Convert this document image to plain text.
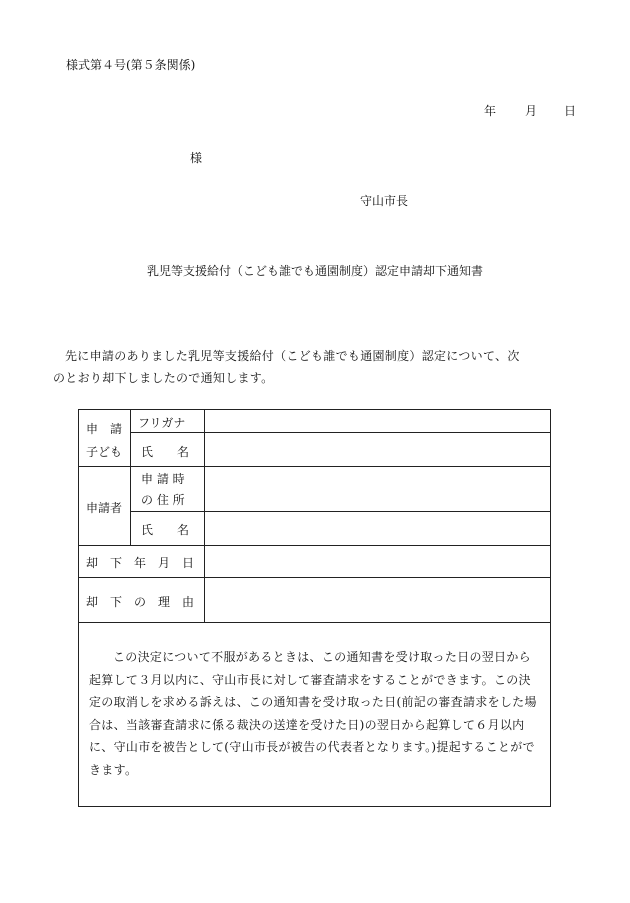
様式第４号(第５条関係)
年 月 日
様
守山市長
乳児等支援給付（こども誰でも通園制度）認定申請却下通知書
先に申請のありました乳児等支援給付（こども誰でも通園制度）認定について、次
のとおり却下しましたので通知します。
申　請
子ども
フリガナ
氏　　名
申請者
申 請 時
の 住 所
氏　　名
却　下　年　月　日
却　下　の　理　由
この決定について不服があるときは、この通知書を受け取った日の翌日から起算して３月以内に、守山市長に対して審査請求をすることができます。この決定の取消しを求める訴えは、この通知書を受け取った日(前記の審査請求をした場合は、当該審査請求に係る裁決の送達を受けた日)の翌日から起算して６月以内に、守山市を被告として(守山市長が被告の代表者となります。)提起することができます。
